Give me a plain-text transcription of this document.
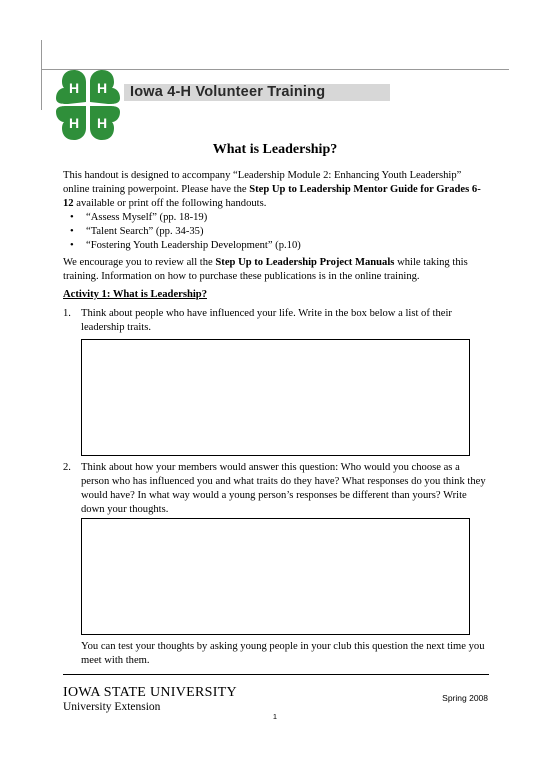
H H
H H
Iowa 4-H Volunteer Training
What is Leadership?

This handout is designed to accompany “Leadership Module 2: Enhancing Youth Leadership” online training powerpoint. Please have the Step Up to Leadership Mentor Guide for Grades 6-12 available or print off the following handouts.

• “Assess Myself” (pp. 18-19)
• “Talent Search” (pp. 34-35)
• “Fostering Youth Leadership Development” (p.10)

We encourage you to review all the Step Up to Leadership Project Manuals while taking this training. Information on how to purchase these publications is in the online training.

Activity 1: What is Leadership?
1. Think about people who have influenced your life. Write in the box below a list of their leadership traits.
2. Think about how your members would answer this question: Who would you choose as a person who has influenced you and what traits do they have? What responses do you think they would have? In what way would a young person’s responses be different than yours? Write down your thoughts.
You can test your thoughts by asking young people in your club this question the next time you meet with them.
IOWA STATE UNIVERSITY
University Extension
Spring 2008
1
